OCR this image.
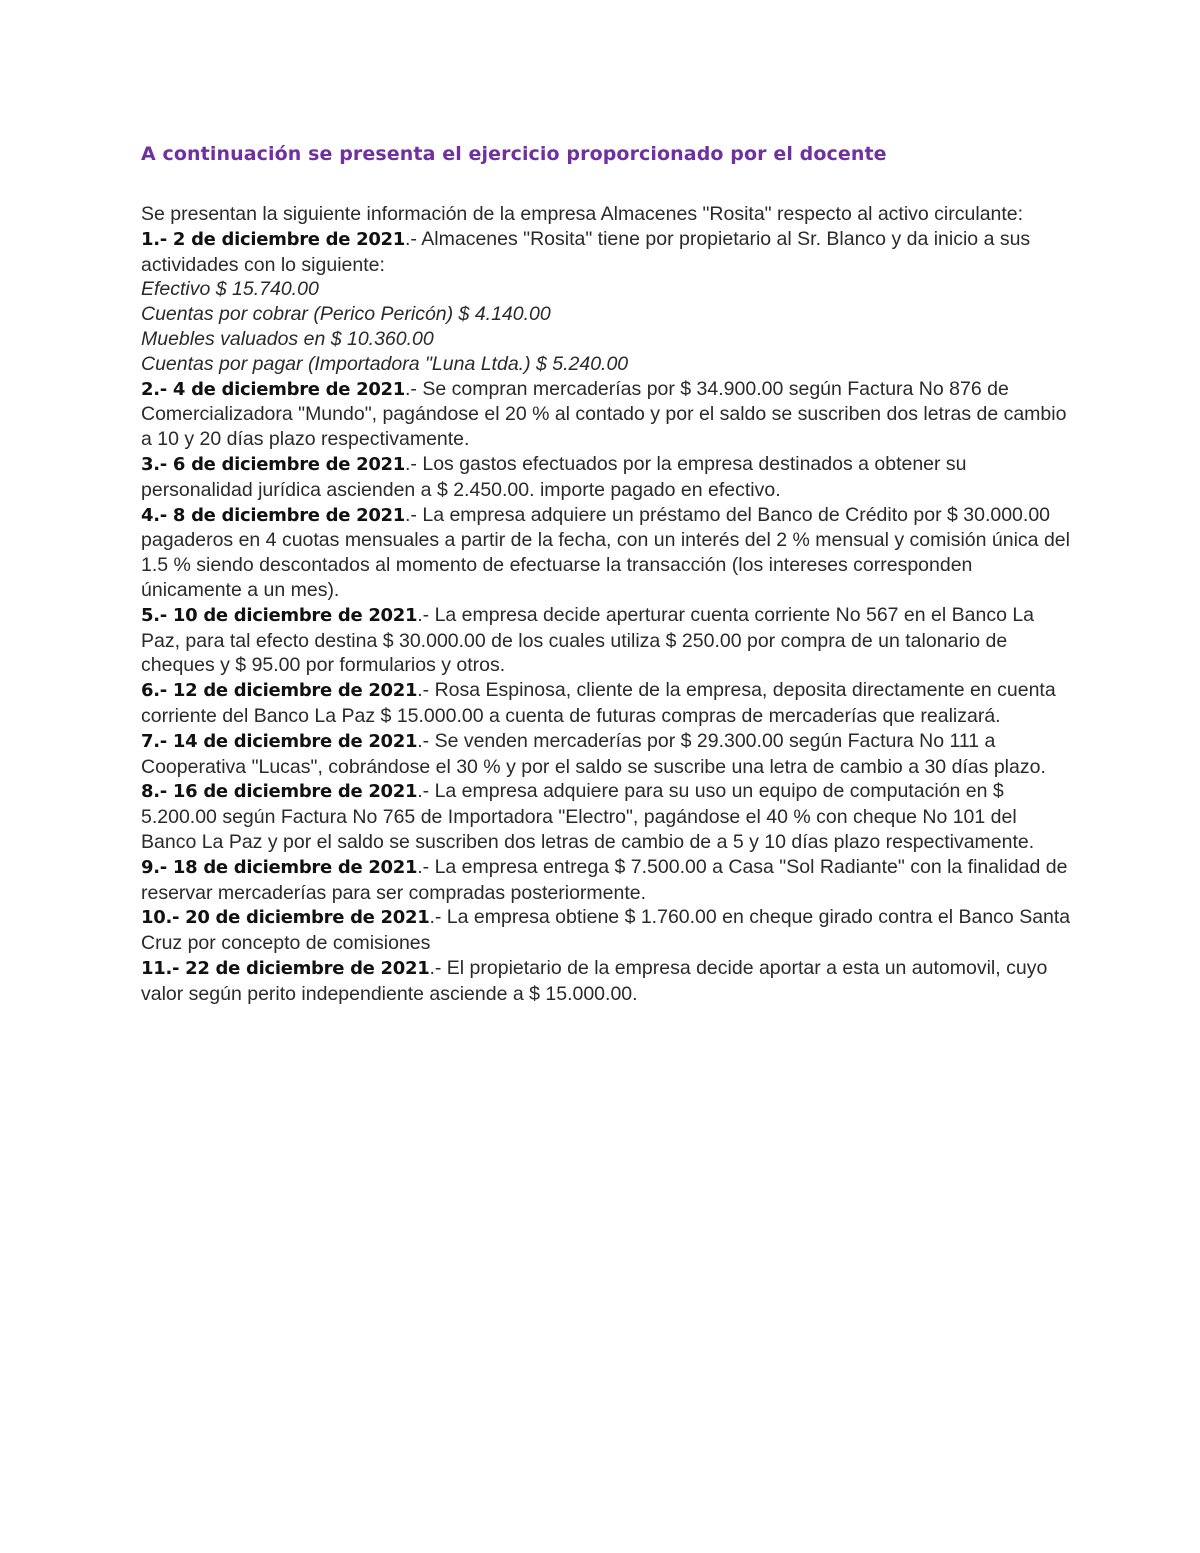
A continuación se presenta el ejercicio proporcionado por el docente

Se presentan la siguiente información de la empresa Almacenes "Rosita" respecto al activo circulante:

1.- 2 de diciembre de 2021.- Almacenes "Rosita" tiene por propietario al Sr. Blanco y da inicio a sus actividades con lo siguiente:
Efectivo $ 15.740.00
Cuentas por cobrar (Perico Pericón) $ 4.140.00
Muebles valuados en $ 10.360.00
Cuentas por pagar (Importadora "Luna Ltda.) $ 5.240.00

2.- 4 de diciembre de 2021.- Se compran mercaderías por $ 34.900.00 según Factura No 876 de Comercializadora "Mundo", pagándose el 20 % al contado y por el saldo se suscriben dos letras de cambio a 10 y 20 días plazo respectivamente.

3.- 6 de diciembre de 2021.- Los gastos efectuados por la empresa destinados a obtener su personalidad jurídica ascienden a $ 2.450.00. importe pagado en efectivo.

4.- 8 de diciembre de 2021.- La empresa adquiere un préstamo del Banco de Crédito por $ 30.000.00 pagaderos en 4 cuotas mensuales a partir de la fecha, con un interés del 2 % mensual y comisión única del 1.5 % siendo descontados al momento de efectuarse la transacción (los intereses corresponden únicamente a un mes).

5.- 10 de diciembre de 2021.- La empresa decide aperturar cuenta corriente No 567 en el Banco La Paz, para tal efecto destina $ 30.000.00 de los cuales utiliza $ 250.00 por compra de un talonario de cheques y $ 95.00 por formularios y otros.

6.- 12 de diciembre de 2021.- Rosa Espinosa, cliente de la empresa, deposita directamente en cuenta corriente del Banco La Paz $ 15.000.00 a cuenta de futuras compras de mercaderías que realizará.

7.- 14 de diciembre de 2021.- Se venden mercaderías por $ 29.300.00 según Factura No 111 a Cooperativa "Lucas", cobrándose el 30 % y por el saldo se suscribe una letra de cambio a 30 días plazo.

8.- 16 de diciembre de 2021.- La empresa adquiere para su uso un equipo de computación en $ 5.200.00 según Factura No 765 de Importadora "Electro", pagándose el 40 % con cheque No 101 del Banco La Paz y por el saldo se suscriben dos letras de cambio de a 5 y 10 días plazo respectivamente.

9.- 18 de diciembre de 2021.- La empresa entrega $ 7.500.00 a Casa "Sol Radiante" con la finalidad de reservar mercaderías para ser compradas posteriormente.

10.- 20 de diciembre de 2021.- La empresa obtiene $ 1.760.00 en cheque girado contra el Banco Santa Cruz por concepto de comisiones

11.- 22 de diciembre de 2021.- El propietario de la empresa decide aportar a esta un automovil, cuyo valor según perito independiente asciende a $ 15.000.00.
